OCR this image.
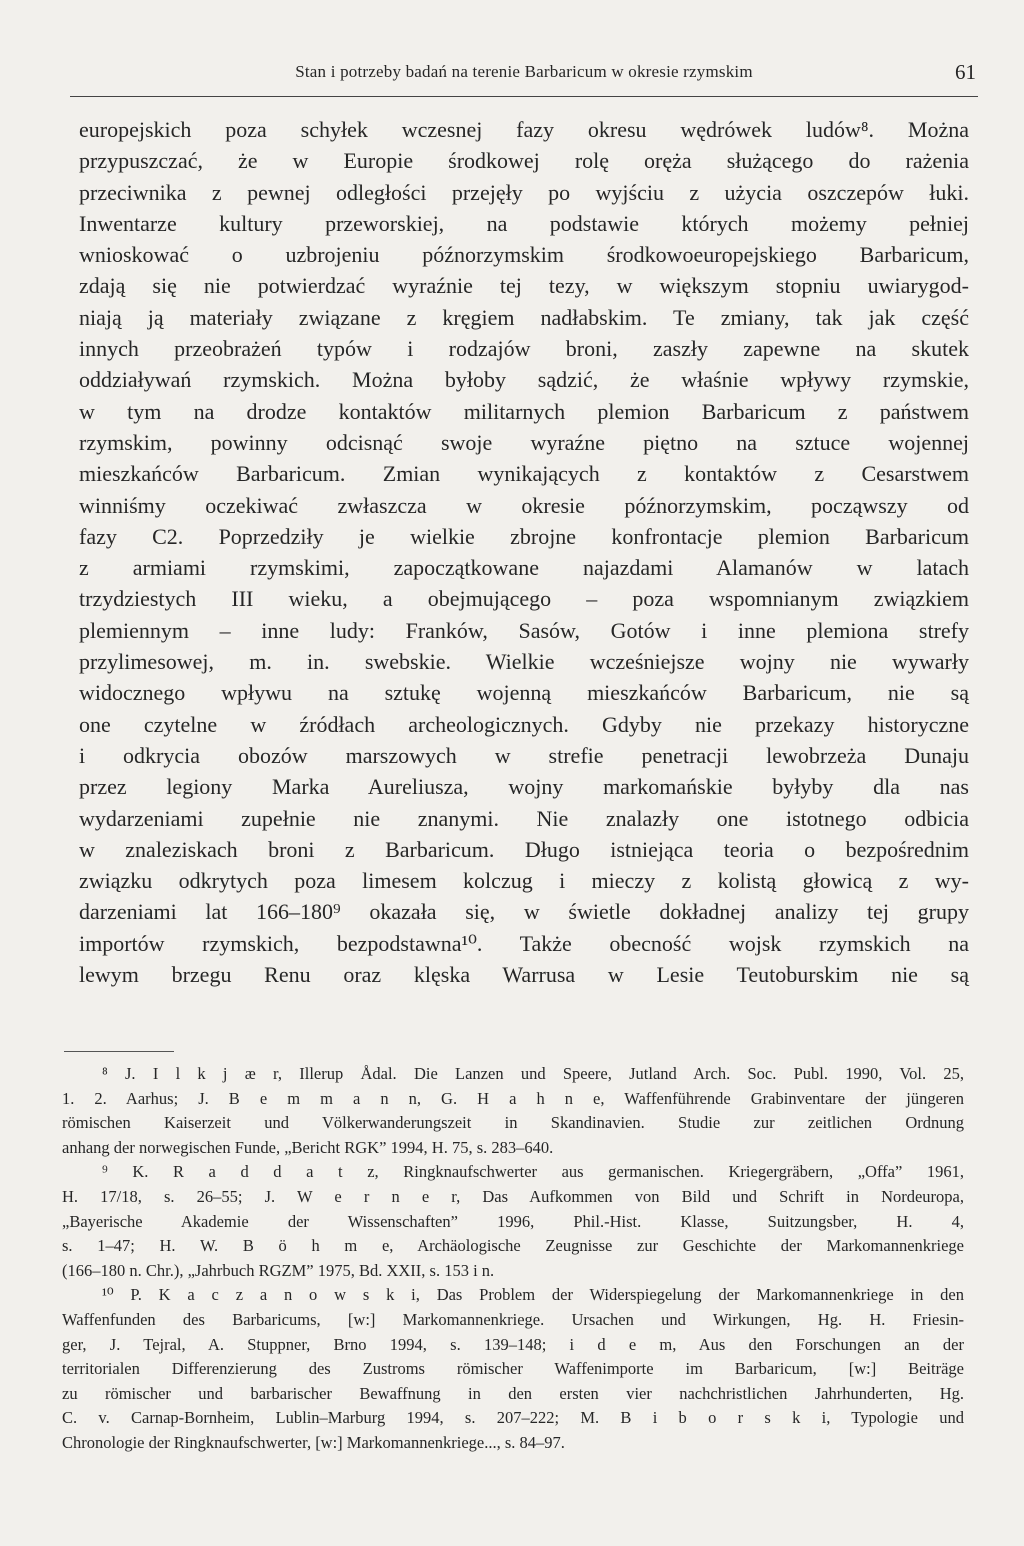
Stan i potrzeby badań na terenie Barbaricum w okresie rzymskim	61
europejskich poza schyłek wczesnej fazy okresu wędrówek ludów⁸. Można
przypuszczać, że w Europie środkowej rolę oręża służącego do rażenia
przeciwnika z pewnej odległości przejęły po wyjściu z użycia oszczepów łuki.
Inwentarze kultury przeworskiej, na podstawie których możemy pełniej
wnioskować o uzbrojeniu późnorzymskim środkowoeuropejskiego Barbaricum,
zdają się nie potwierdzać wyraźnie tej tezy, w większym stopniu uwiarygod-
niają ją materiały związane z kręgiem nadłabskim. Te zmiany, tak jak część
innych przeobrażeń typów i rodzajów broni, zaszły zapewne na skutek
oddziaływań rzymskich. Można byłoby sądzić, że właśnie wpływy rzymskie,
w tym na drodze kontaktów militarnych plemion Barbaricum z państwem
rzymskim, powinny odcisnąć swoje wyraźne piętno na sztuce wojennej
mieszkańców Barbaricum. Zmian wynikających z kontaktów z Cesarstwem
winniśmy oczekiwać zwłaszcza w okresie późnorzymskim, począwszy od
fazy C2. Poprzedziły je wielkie zbrojne konfrontacje plemion Barbaricum
z armiami rzymskimi, zapoczątkowane najazdami Alamanów w latach
trzydziestych III wieku, a obejmującego – poza wspomnianym związkiem
plemiennym – inne ludy: Franków, Sasów, Gotów i inne plemiona strefy
przylimesowej, m. in. swebskie. Wielkie wcześniejsze wojny nie wywarły
widocznego wpływu na sztukę wojenną mieszkańców Barbaricum, nie są
one czytelne w źródłach archeologicznych. Gdyby nie przekazy historyczne
i odkrycia obozów marszowych w strefie penetracji lewobrzeża Dunaju
przez legiony Marka Aureliusza, wojny markomańskie byłyby dla nas
wydarzeniami zupełnie nie znanymi. Nie znalazły one istotnego odbicia
w znaleziskach broni z Barbaricum. Długo istniejąca teoria o bezpośrednim
związku odkrytych poza limesem kolczug i mieczy z kolistą głowicą z wy-
darzeniami lat 166–180⁹ okazała się, w świetle dokładnej analizy tej grupy
importów rzymskich, bezpodstawna¹⁰. Także obecność wojsk rzymskich na
lewym brzegu Renu oraz klęska Warrusa w Lesie Teutoburskim nie są
⁸ J. I l k j æ r, Illerup Ådal. Die Lanzen und Speere, Jutland Arch. Soc. Publ. 1990, Vol. 25,
1. 2. Aarhus; J. B e m m a n n, G. H a h n e, Waffenführende Grabinventare der jüngeren
römischen Kaiserzeit und Völkerwanderungszeit in Skandinavien. Studie zur zeitlichen Ordnung
anhang der norwegischen Funde, „Bericht RGK” 1994, H. 75, s. 283–640.
⁹ K. R a d d a t z, Ringknaufschwerter aus germanischen. Kriegergräbern, „Offa” 1961,
H. 17/18, s. 26–55; J. W e r n e r, Das Aufkommen von Bild und Schrift in Nordeuropa,
„Bayerische Akademie der Wissenschaften” 1996, Phil.-Hist. Klasse, Suitzungsber, H. 4,
s. 1–47; H. W. B ö h m e, Archäologische Zeugnisse zur Geschichte der Markomannenkriege
(166–180 n. Chr.), „Jahrbuch RGZM” 1975, Bd. XXII, s. 153 i n.
¹⁰ P. K a c z a n o w s k i, Das Problem der Widerspiegelung der Markomannenkriege in den
Waffenfunden des Barbaricums, [w:] Markomannenkriege. Ursachen und Wirkungen, Hg. H. Friesin-
ger, J. Tejral, A. Stuppner, Brno 1994, s. 139–148; i d e m, Aus den Forschungen an der
territorialen Differenzierung des Zustroms römischer Waffenimporte im Barbaricum, [w:] Beiträge
zu römischer und barbarischer Bewaffnung in den ersten vier nachchristlichen Jahrhunderten, Hg.
C. v. Carnap-Bornheim, Lublin–Marburg 1994, s. 207–222; M. B i b o r s k i, Typologie und
Chronologie der Ringknaufschwerter, [w:] Markomannenkriege..., s. 84–97.
